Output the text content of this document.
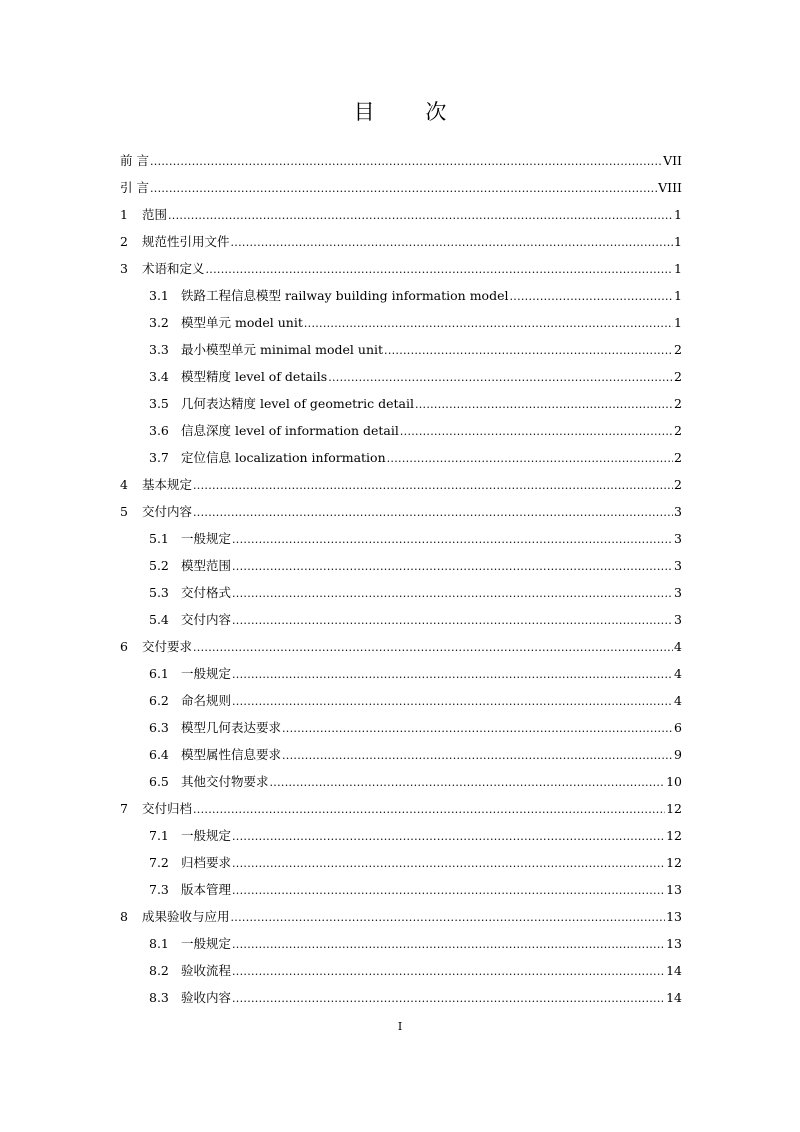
目 次
前 言 . . .	VII
引 言 . . .	VIII
1	范围 . . .	1
2	规范性引用文件 . . .	1
3	术语和定义 . . .	1
3.1 铁路工程信息模型 railway building information model . . .	1
3.2 模型单元 model unit . . .	1
3.3 最小模型单元 minimal model unit . . .	2
3.4 模型精度 level of details . . .	2
3.5 几何表达精度 level of geometric detail . . .	2
3.6 信息深度 level of information detail . . .	2
3.7 定位信息 localization information . . .	2
4	基本规定 . . .	2
5	交付内容 . . .	3
5.1 一般规定 . . .	3
5.2 模型范围 . . .	3
5.3 交付格式 . . .	3
5.4 交付内容 . . .	3
6	交付要求 . . .	4
6.1 一般规定 . . .	4
6.2 命名规则 . . .	4
6.3 模型几何表达要求 . . .	6
6.4 模型属性信息要求 . . .	9
6.5 其他交付物要求 . . .	10
7	交付归档 . . .	12
7.1 一般规定 . . .	12
7.2 归档要求 . . .	12
7.3 版本管理 . . .	13
8	成果验收与应用 . . .	13
8.1 一般规定 . . .	13
8.2 验收流程 . . .	14
8.3 验收内容 . . .	14
I
